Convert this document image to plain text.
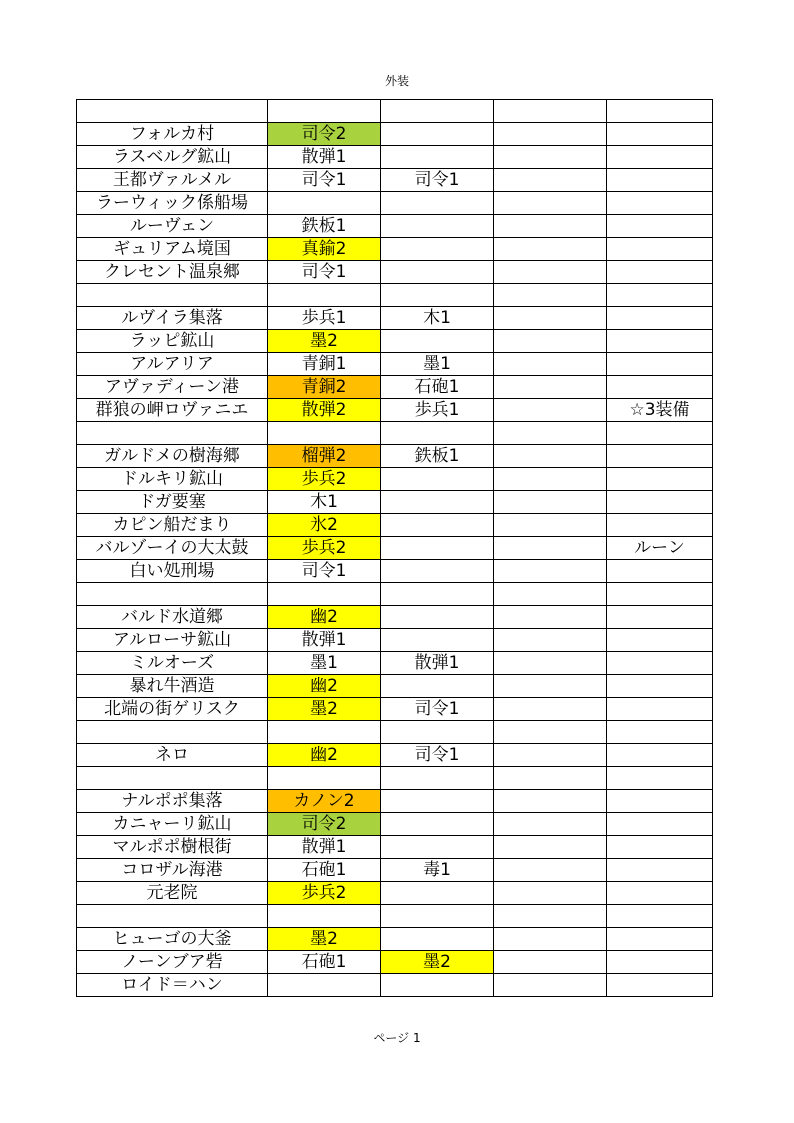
外装

フォルカ村	司令2			
ラスベルグ鉱山	散弾1			
王都ヴァルメル	司令1	司令1		
ラーウィック係船場				
ルーヴェン	鉄板1			
ギュリアム境国	真鍮2			
クレセント温泉郷	司令1			

ルヴイラ集落	歩兵1	木1		
ラッピ鉱山	墨2			
アルアリア	青銅1	墨1		
アヴァディーン港	青銅2	石砲1		
群狼の岬ロヴァニエ	散弾2	歩兵1		☆3装備

ガルドメの樹海郷	榴弾2	鉄板1		
ドルキリ鉱山	歩兵2			
ドガ要塞	木1			
カピン船だまり	氷2			
バルゾーイの大太鼓	歩兵2			ルーン
白い処刑場	司令1			

バルド水道郷	幽2			
アルローサ鉱山	散弾1			
ミルオーズ	墨1	散弾1		
暴れ牛酒造	幽2			
北端の街ゲリスク	墨2	司令1		

ネロ	幽2	司令1		

ナルポポ集落	カノン2			
カニャーリ鉱山	司令2			
マルポポ樹根街	散弾1			
コロザル海港	石砲1	毒1		
元老院	歩兵2			

ヒューゴの大釜	墨2			
ノーンブア砦	石砲1	墨2		
ロイド＝ハン				
ページ 1
